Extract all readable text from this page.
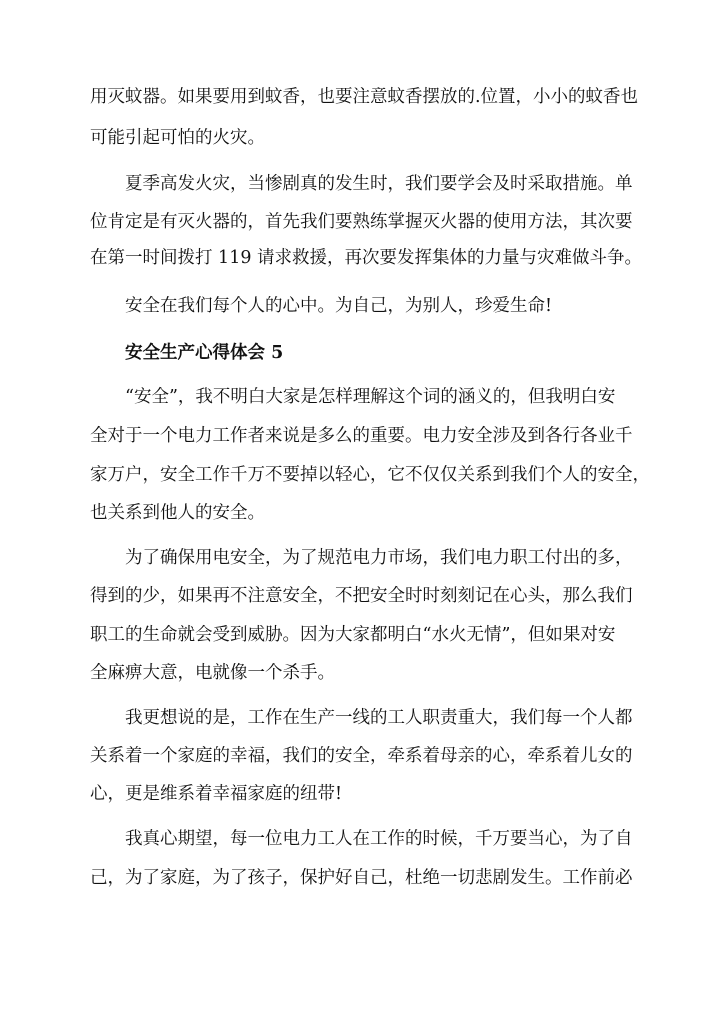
用灭蚊器。如果要用到蚊香，也要注意蚊香摆放的.位置，小小的蚊香也
可能引起可怕的火灾。
夏季高发火灾，当惨剧真的发生时，我们要学会及时采取措施。单
位肯定是有灭火器的，首先我们要熟练掌握灭火器的使用方法，其次要
在第一时间拨打 119 请求救援，再次要发挥集体的力量与灾难做斗争。
安全在我们每个人的心中。为自己，为别人，珍爱生命!
安全生产心得体会 5
“安全”，我不明白大家是怎样理解这个词的涵义的，但我明白安
全对于一个电力工作者来说是多么的重要。电力安全涉及到各行各业千
家万户，安全工作千万不要掉以轻心，它不仅仅关系到我们个人的安全，
也关系到他人的安全。
为了确保用电安全，为了规范电力市场，我们电力职工付出的多，
得到的少，如果再不注意安全，不把安全时时刻刻记在心头，那么我们
职工的生命就会受到威胁。因为大家都明白“水火无情”，但如果对安
全麻痹大意，电就像一个杀手。
我更想说的是，工作在生产一线的工人职责重大，我们每一个人都
关系着一个家庭的幸福，我们的安全，牵系着母亲的心，牵系着儿女的
心，更是维系着幸福家庭的纽带!
我真心期望，每一位电力工人在工作的时候，千万要当心，为了自
己，为了家庭，为了孩子，保护好自己，杜绝一切悲剧发生。工作前必
